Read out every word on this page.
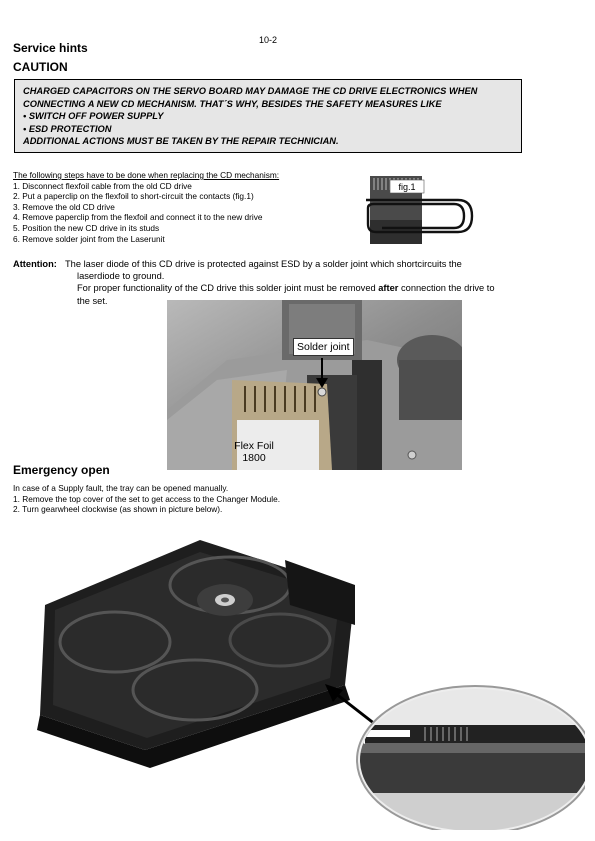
10-2
Service hints
CAUTION
CHARGED CAPACITORS ON THE SERVO BOARD MAY DAMAGE THE CD DRIVE ELECTRONICS WHEN
CONNECTING A NEW CD MECHANISM. THAT´S WHY, BESIDES THE SAFETY MEASURES LIKE
• SWITCH OFF POWER SUPPLY
• ESD PROTECTION
ADDITIONAL ACTIONS MUST BE TAKEN BY THE REPAIR TECHNICIAN.
The following steps have to be done when replacing the CD mechanism:
1. Disconnect flexfoil cable from the old CD drive
2. Put a paperclip on the flexfoil to short-circuit the contacts (fig.1)
3. Remove the old CD drive
4. Remove paperclip from the flexfoil and connect it to the new drive
5. Position the new CD drive in its studs
6. Remove solder joint from the Laserunit
fig.1
Attention: The laser diode of this CD drive is protected against ESD by a solder joint which shortcircuits the
laserdiode to ground.
For proper functionality of the CD drive this solder joint must be removed after connection the drive to
the set.
Solder joint
Flex Foil
1800
Emergency open
In case of a Supply fault, the tray can be opened manually.
1. Remove the top cover of the set to get access to the Changer Module.
2. Turn gearwheel clockwise (as shown in picture below).
